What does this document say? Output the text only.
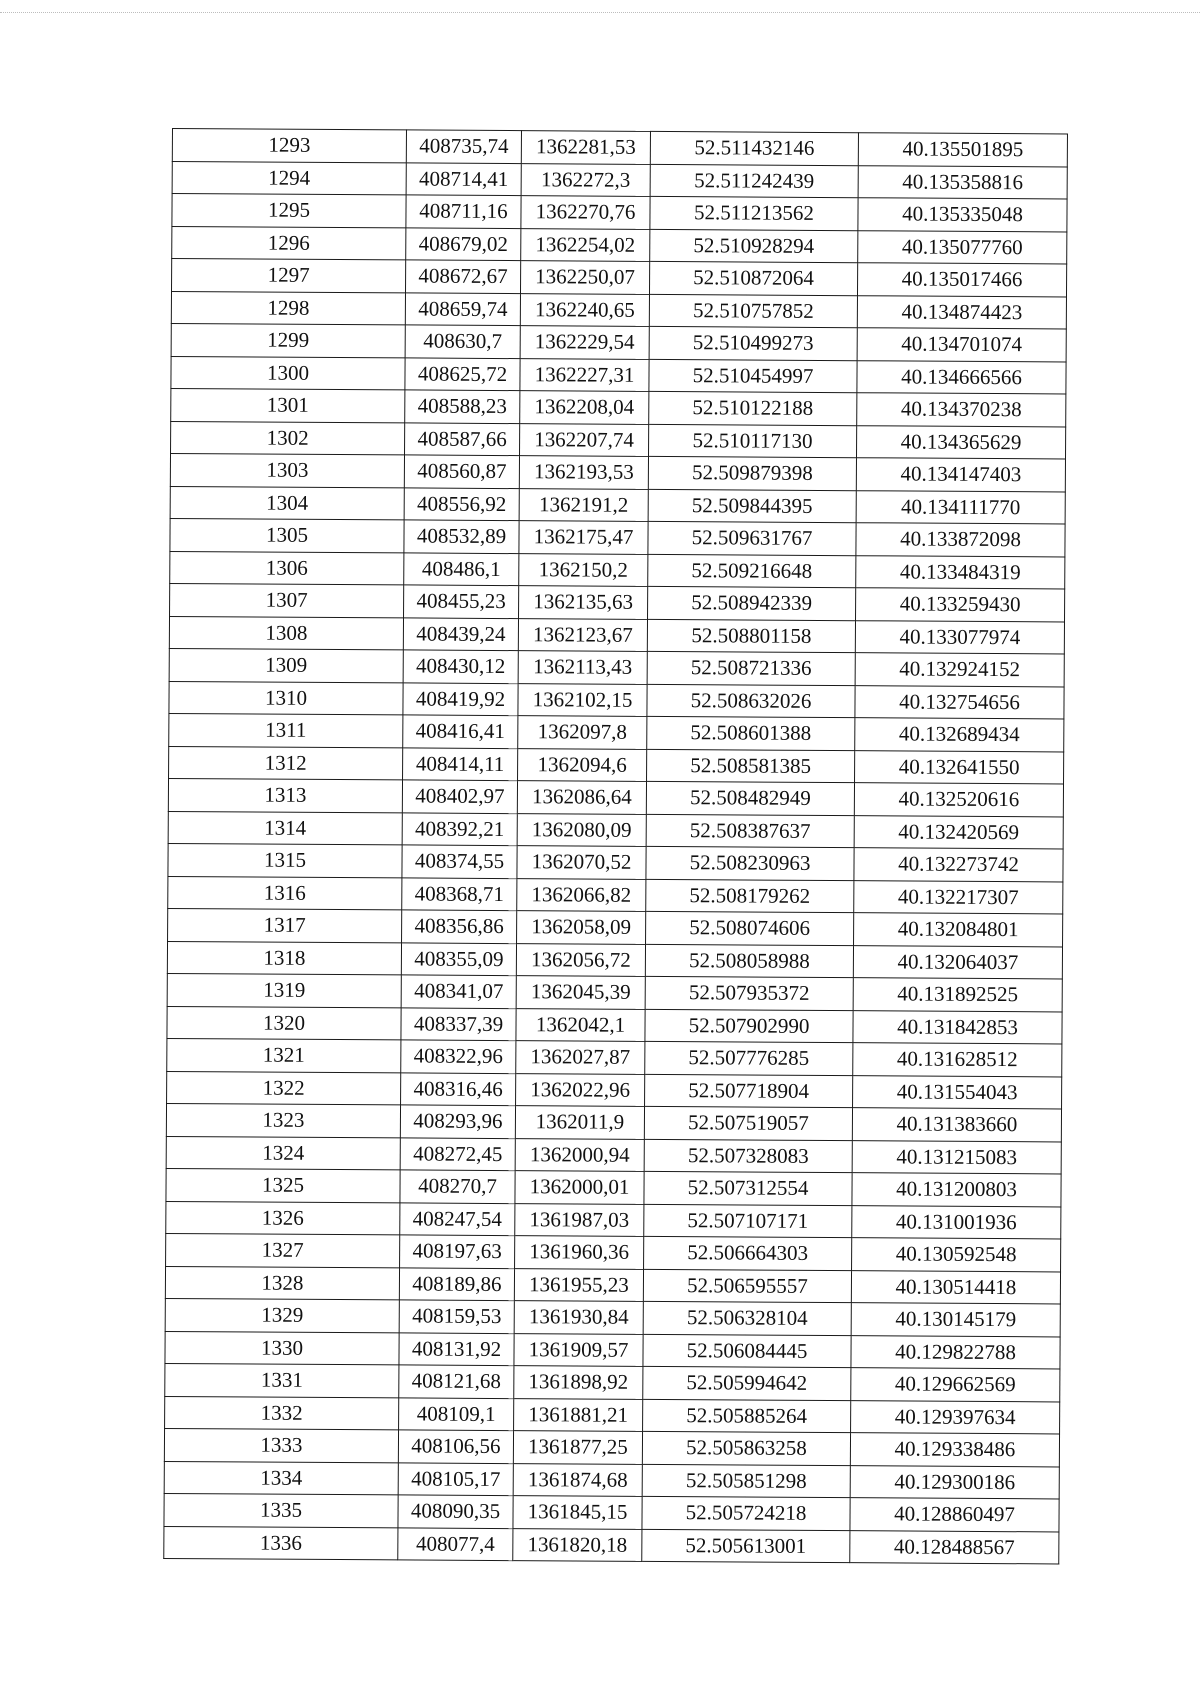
1293	408735,74	1362281,53	52.511432146	40.135501895
1294	408714,41	1362272,3	52.511242439	40.135358816
1295	408711,16	1362270,76	52.511213562	40.135335048
1296	408679,02	1362254,02	52.510928294	40.135077760
1297	408672,67	1362250,07	52.510872064	40.135017466
1298	408659,74	1362240,65	52.510757852	40.134874423
1299	408630,7	1362229,54	52.510499273	40.134701074
1300	408625,72	1362227,31	52.510454997	40.134666566
1301	408588,23	1362208,04	52.510122188	40.134370238
1302	408587,66	1362207,74	52.510117130	40.134365629
1303	408560,87	1362193,53	52.509879398	40.134147403
1304	408556,92	1362191,2	52.509844395	40.134111770
1305	408532,89	1362175,47	52.509631767	40.133872098
1306	408486,1	1362150,2	52.509216648	40.133484319
1307	408455,23	1362135,63	52.508942339	40.133259430
1308	408439,24	1362123,67	52.508801158	40.133077974
1309	408430,12	1362113,43	52.508721336	40.132924152
1310	408419,92	1362102,15	52.508632026	40.132754656
1311	408416,41	1362097,8	52.508601388	40.132689434
1312	408414,11	1362094,6	52.508581385	40.132641550
1313	408402,97	1362086,64	52.508482949	40.132520616
1314	408392,21	1362080,09	52.508387637	40.132420569
1315	408374,55	1362070,52	52.508230963	40.132273742
1316	408368,71	1362066,82	52.508179262	40.132217307
1317	408356,86	1362058,09	52.508074606	40.132084801
1318	408355,09	1362056,72	52.508058988	40.132064037
1319	408341,07	1362045,39	52.507935372	40.131892525
1320	408337,39	1362042,1	52.507902990	40.131842853
1321	408322,96	1362027,87	52.507776285	40.131628512
1322	408316,46	1362022,96	52.507718904	40.131554043
1323	408293,96	1362011,9	52.507519057	40.131383660
1324	408272,45	1362000,94	52.507328083	40.131215083
1325	408270,7	1362000,01	52.507312554	40.131200803
1326	408247,54	1361987,03	52.507107171	40.131001936
1327	408197,63	1361960,36	52.506664303	40.130592548
1328	408189,86	1361955,23	52.506595557	40.130514418
1329	408159,53	1361930,84	52.506328104	40.130145179
1330	408131,92	1361909,57	52.506084445	40.129822788
1331	408121,68	1361898,92	52.505994642	40.129662569
1332	408109,1	1361881,21	52.505885264	40.129397634
1333	408106,56	1361877,25	52.505863258	40.129338486
1334	408105,17	1361874,68	52.505851298	40.129300186
1335	408090,35	1361845,15	52.505724218	40.128860497
1336	408077,4	1361820,18	52.505613001	40.128488567
